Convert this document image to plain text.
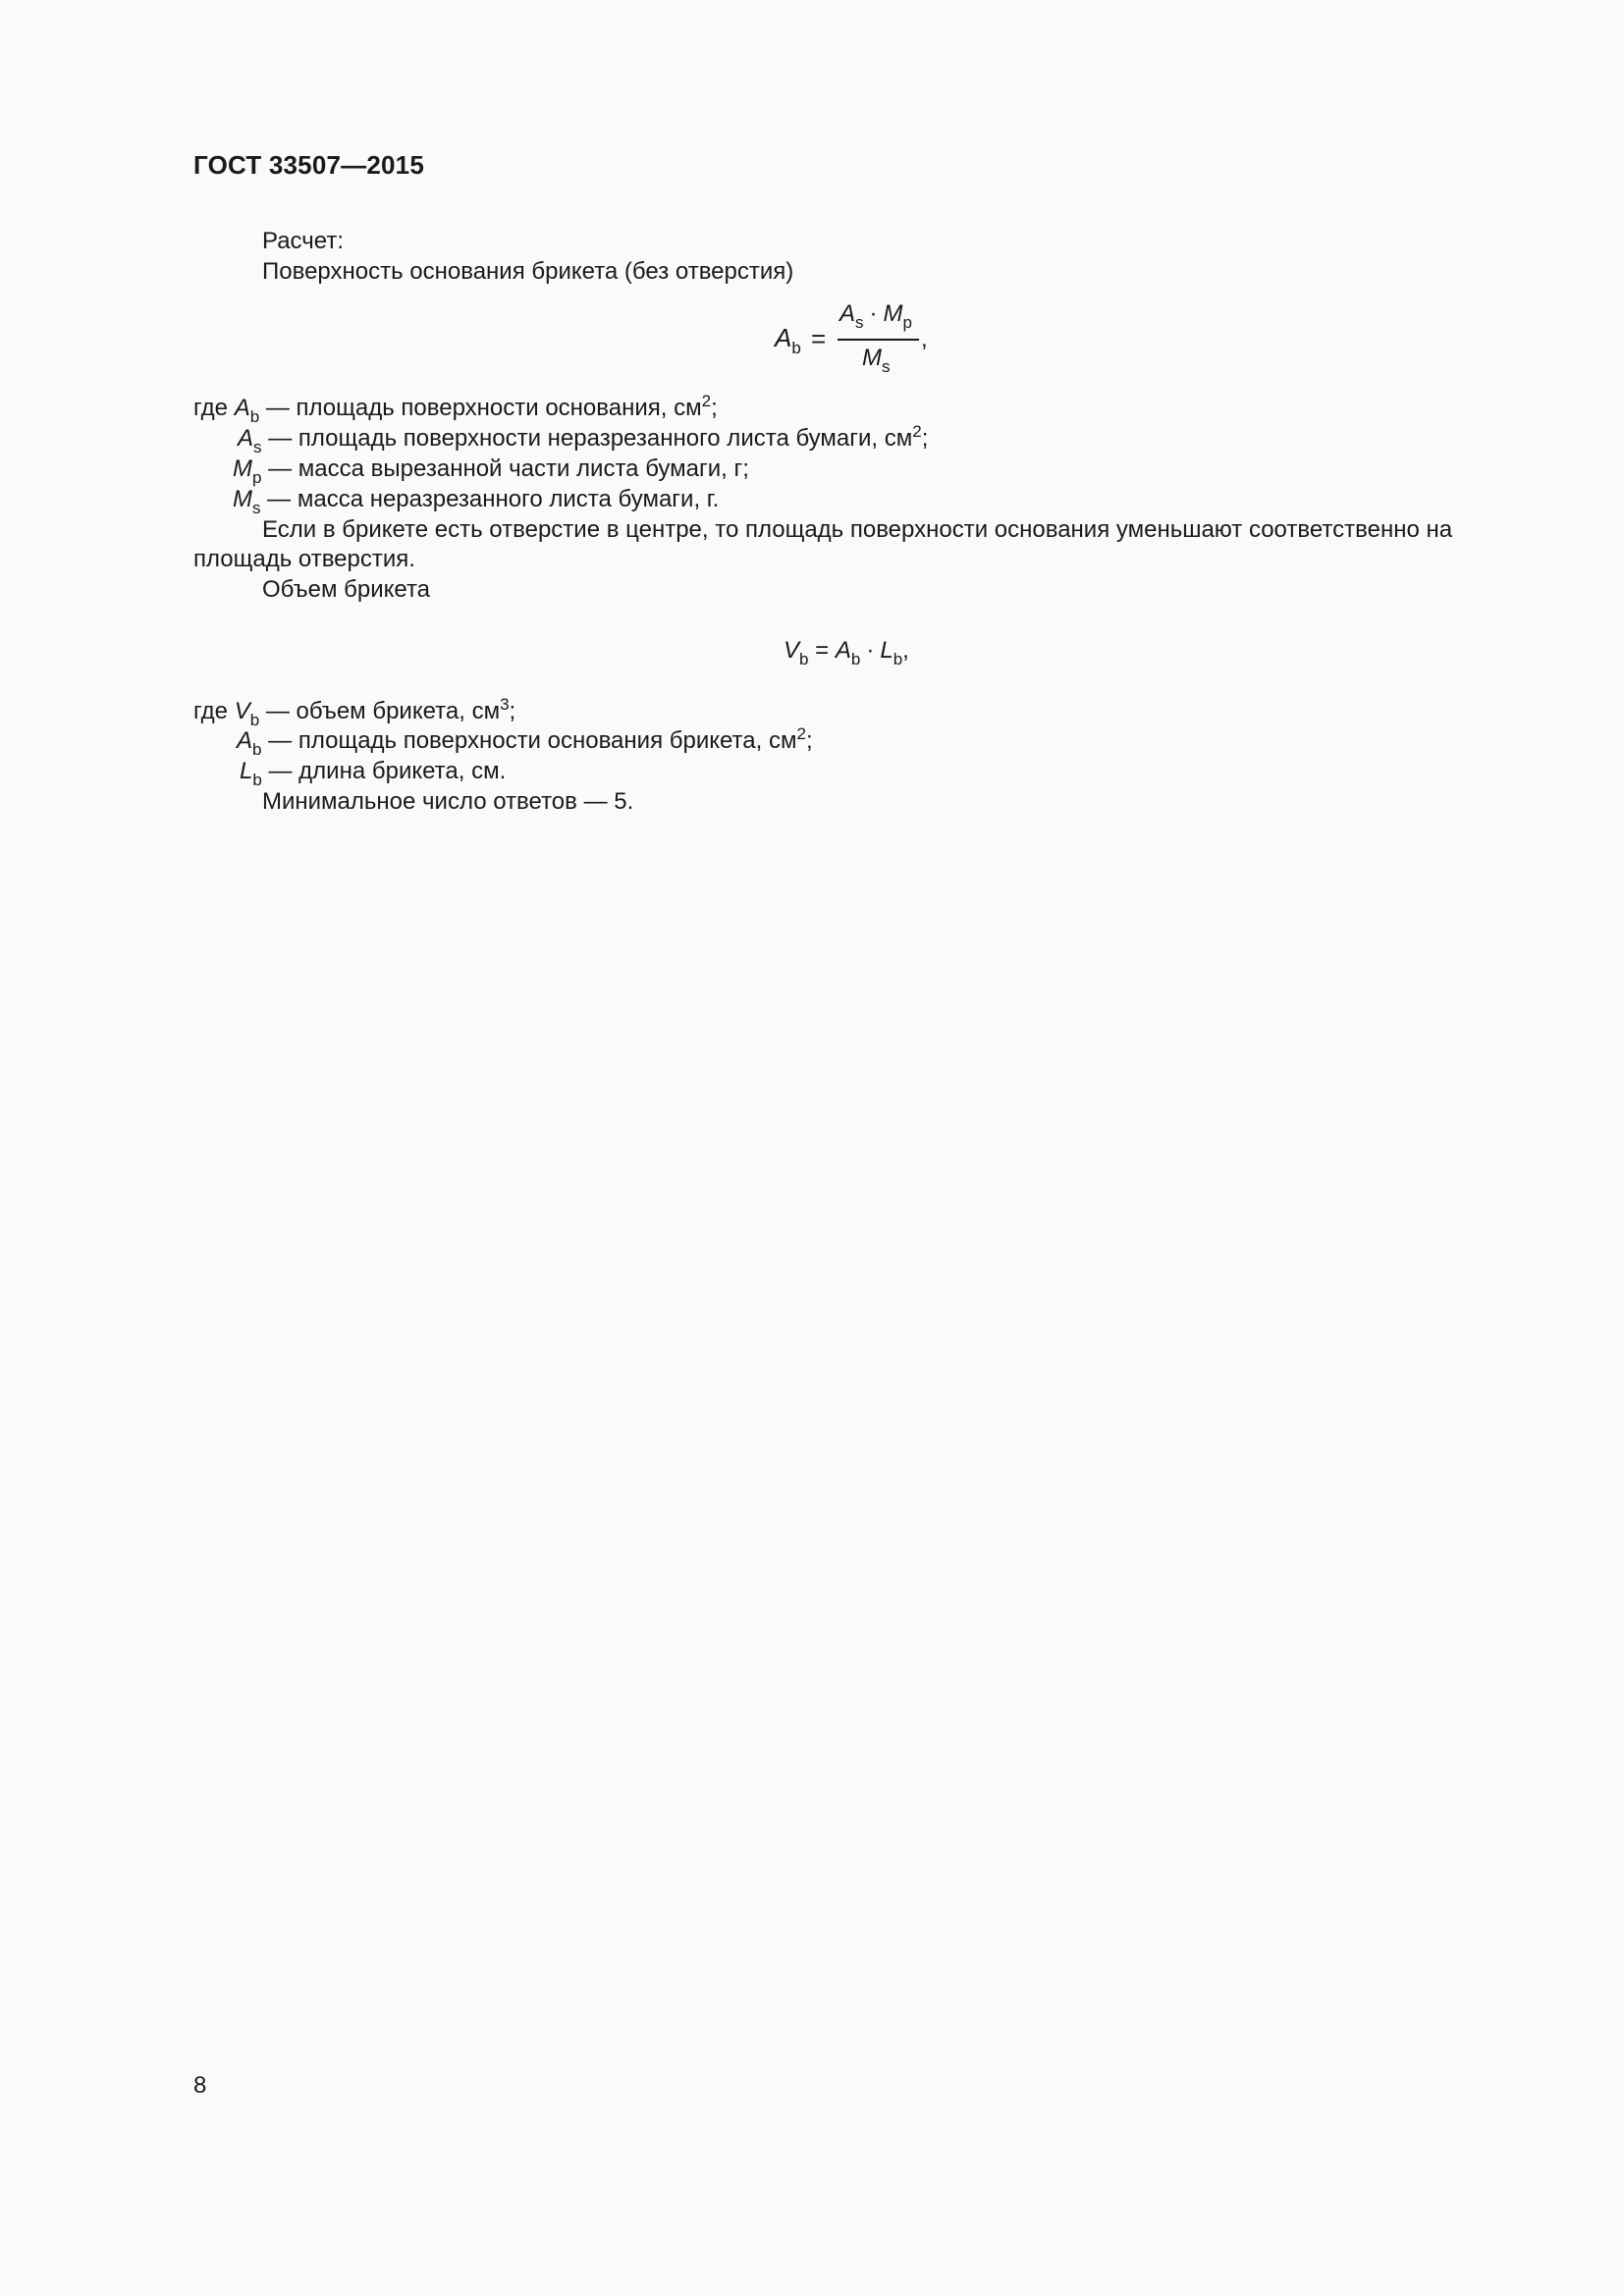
ГОСТ 33507—2015
Расчет:
Поверхность основания брикета (без отверстия)
$A_b$ =
$A_s \cdot M_p$
$M_s$
,
где $A_b$ — площадь поверхности основания, $см^2$;
$A_s$ — площадь поверхности неразрезанного листа бумаги, $см^2$;
$M_p$ — масса вырезанной части листа бумаги, г;
$M_s$ — масса неразрезанного листа бумаги, г.
Если в брикете есть отверстие в центре, то площадь поверхности основания уменьшают соответственно на
площадь отверстия.
Объем брикета
$V_b = A_b \cdot L_b$,
где $V_b$ — объем брикета, $см^3$;
$A_b$ — площадь поверхности основания брикета, $см^2$;
$L_b$ — длина брикета, см.
Минимальное число ответов — 5.
8
